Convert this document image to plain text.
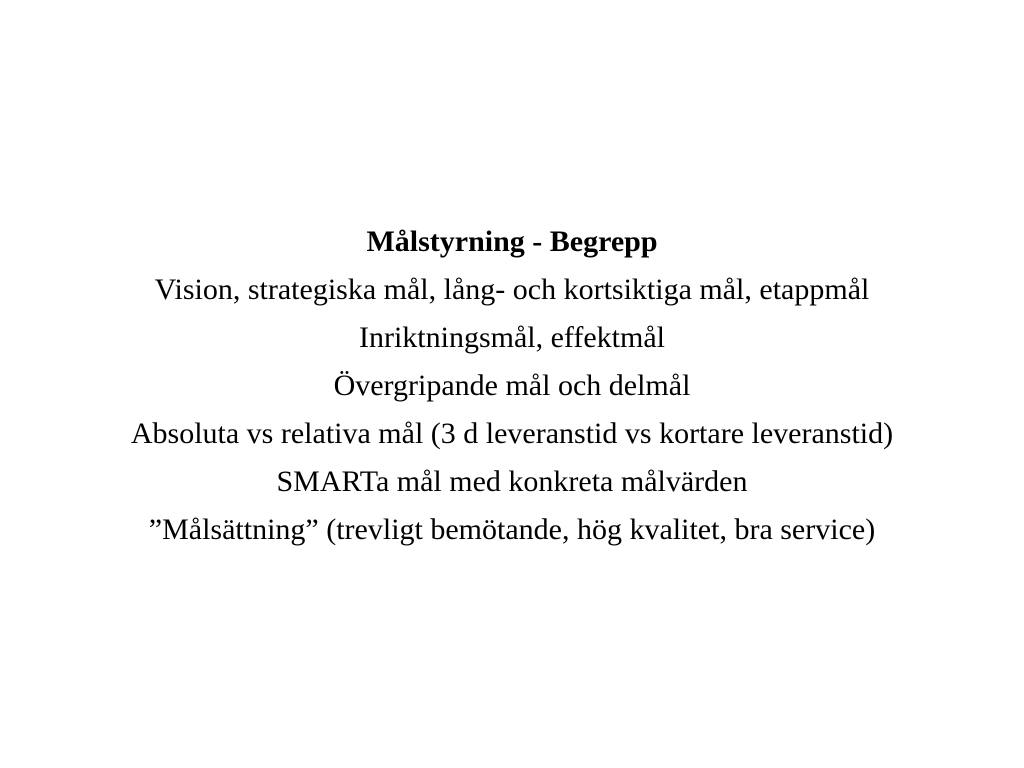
Målstyrning - Begrepp
Vision, strategiska mål, lång- och kortsiktiga mål, etappmål
Inriktningsmål, effektmål
Övergripande mål och delmål
Absoluta vs relativa mål (3 d leveranstid vs kortare leveranstid)
SMARTa mål med konkreta målvärden
”Målsättning” (trevligt bemötande, hög kvalitet, bra service)
